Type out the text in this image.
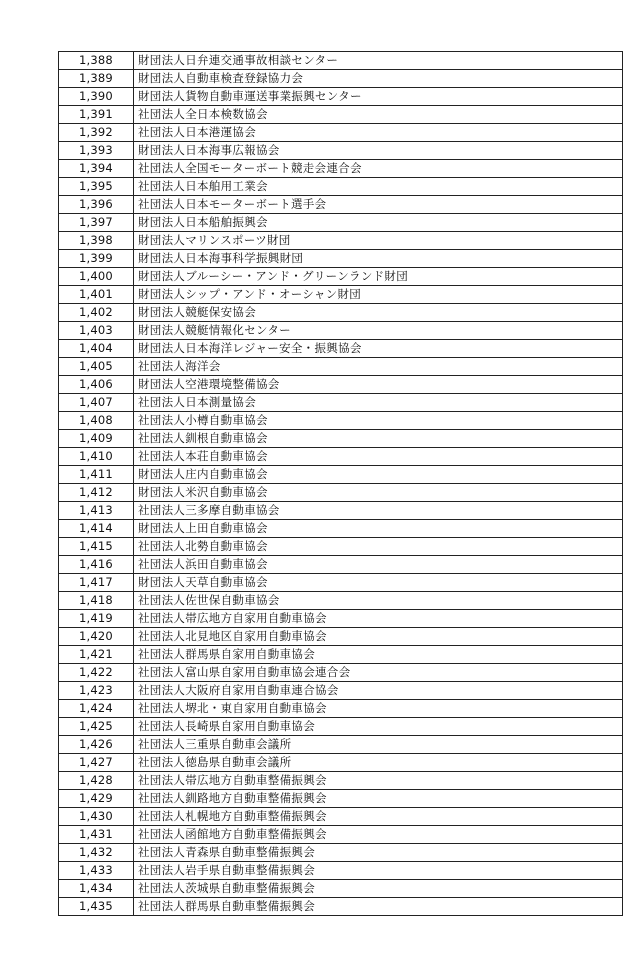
1,388	財団法人日弁連交通事故相談センター
1,389	財団法人自動車検査登録協力会
1,390	財団法人貨物自動車運送事業振興センター
1,391	社団法人全日本検数協会
1,392	社団法人日本港運協会
1,393	財団法人日本海事広報協会
1,394	社団法人全国モーターボート競走会連合会
1,395	社団法人日本舶用工業会
1,396	社団法人日本モーターボート選手会
1,397	財団法人日本船舶振興会
1,398	財団法人マリンスポーツ財団
1,399	財団法人日本海事科学振興財団
1,400	財団法人ブルーシー・アンド・グリーンランド財団
1,401	財団法人シップ・アンド・オーシャン財団
1,402	財団法人競艇保安協会
1,403	財団法人競艇情報化センター
1,404	財団法人日本海洋レジャー安全・振興協会
1,405	社団法人海洋会
1,406	財団法人空港環境整備協会
1,407	社団法人日本測量協会
1,408	社団法人小樽自動車協会
1,409	社団法人釧根自動車協会
1,410	社団法人本荘自動車協会
1,411	財団法人庄内自動車協会
1,412	財団法人米沢自動車協会
1,413	社団法人三多摩自動車協会
1,414	財団法人上田自動車協会
1,415	社団法人北勢自動車協会
1,416	社団法人浜田自動車協会
1,417	財団法人天草自動車協会
1,418	社団法人佐世保自動車協会
1,419	社団法人帯広地方自家用自動車協会
1,420	社団法人北見地区自家用自動車協会
1,421	社団法人群馬県自家用自動車協会
1,422	社団法人富山県自家用自動車協会連合会
1,423	社団法人大阪府自家用自動車連合協会
1,424	社団法人堺北・東自家用自動車協会
1,425	社団法人長崎県自家用自動車協会
1,426	社団法人三重県自動車会議所
1,427	社団法人徳島県自動車会議所
1,428	社団法人帯広地方自動車整備振興会
1,429	社団法人釧路地方自動車整備振興会
1,430	社団法人札幌地方自動車整備振興会
1,431	社団法人函館地方自動車整備振興会
1,432	社団法人青森県自動車整備振興会
1,433	社団法人岩手県自動車整備振興会
1,434	社団法人茨城県自動車整備振興会
1,435	社団法人群馬県自動車整備振興会
